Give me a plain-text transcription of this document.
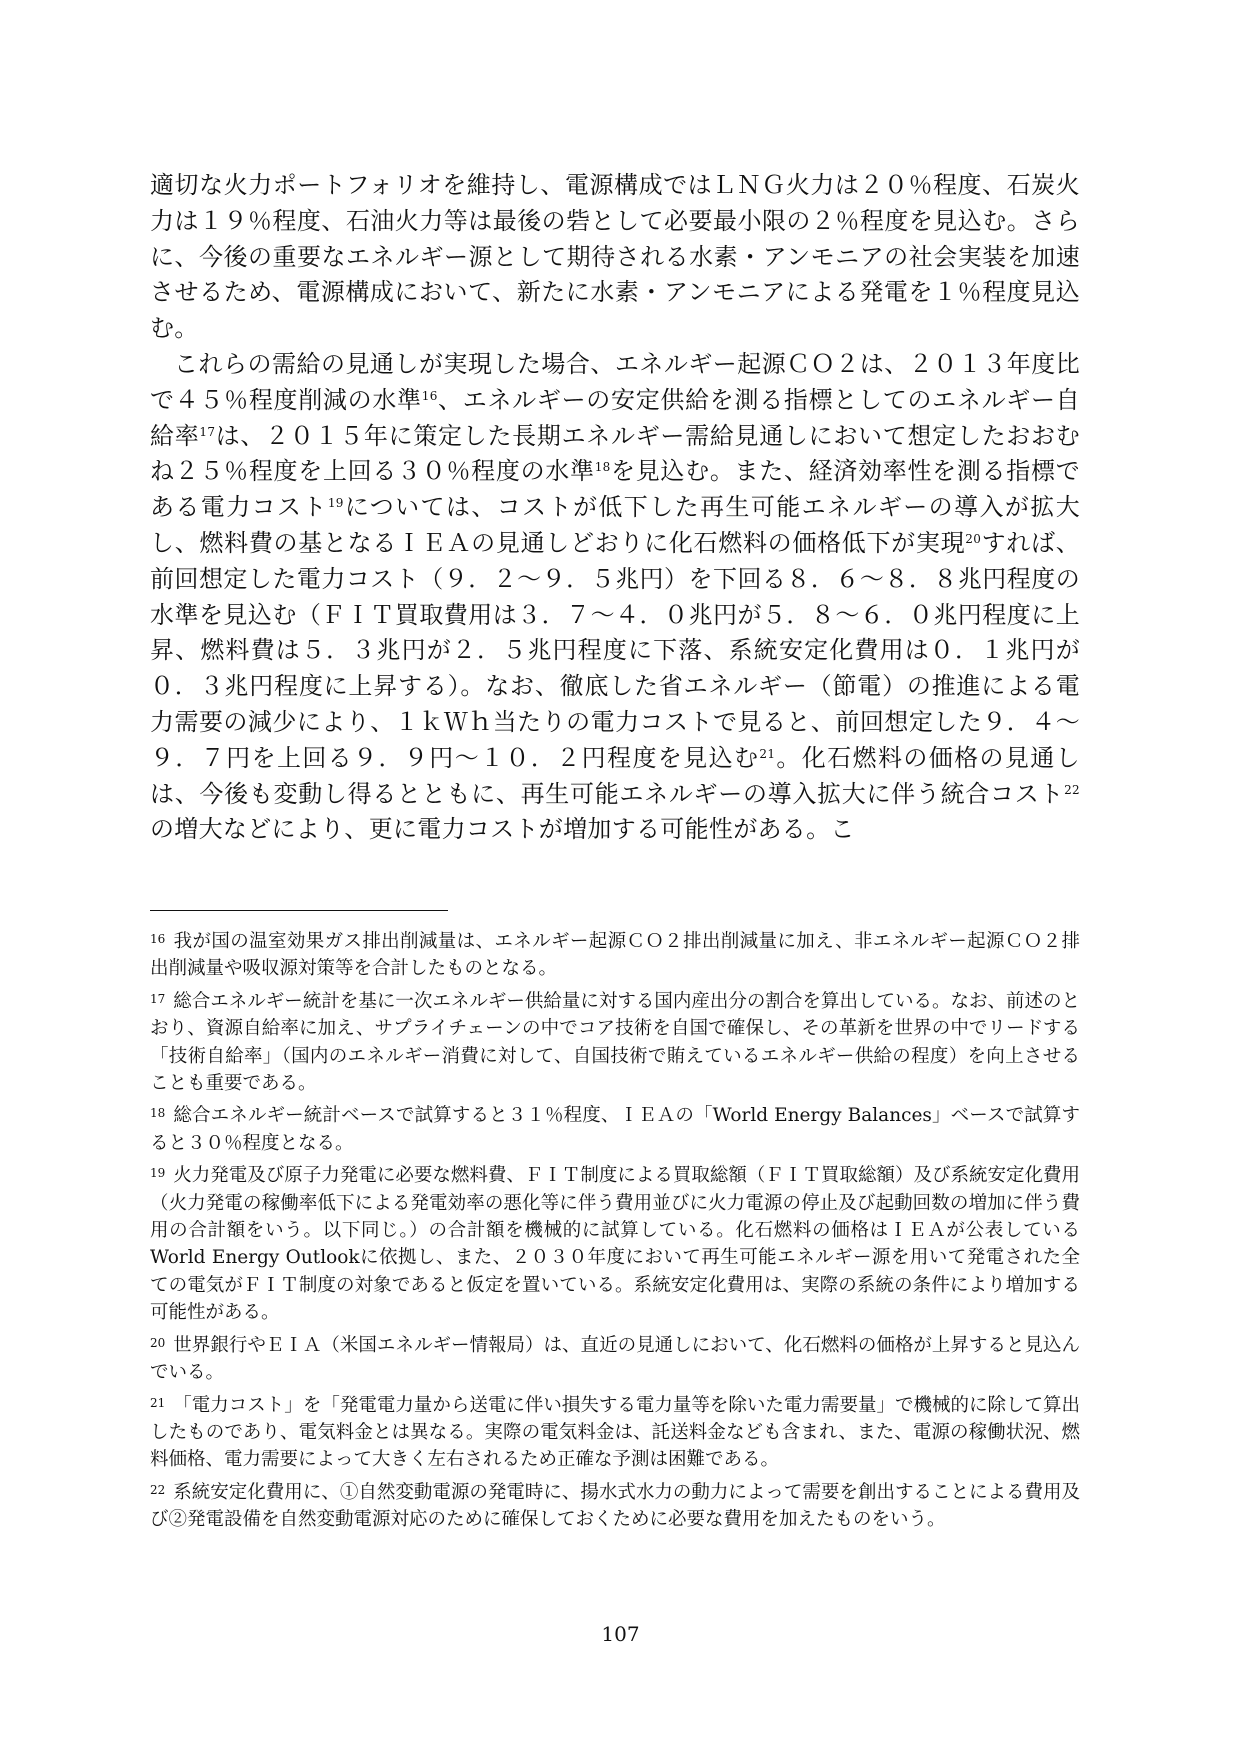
適切な火力ポートフォリオを維持し、電源構成ではＬＮＧ火力は２０％程度、石炭火力は１９％程度、石油火力等は最後の砦として必要最小限の２％程度を見込む。さらに、今後の重要なエネルギー源として期待される水素・アンモニアの社会実装を加速させるため、電源構成において、新たに水素・アンモニアによる発電を１％程度見込む。

これらの需給の見通しが実現した場合、エネルギー起源ＣＯ２は、２０１３年度比で４５％程度削減の水準$^{16}$、エネルギーの安定供給を測る指標としてのエネルギー自給率$^{17}$は、２０１５年に策定した長期エネルギー需給見通しにおいて想定したおおむね２５％程度を上回る３０％程度の水準$^{18}$を見込む。また、経済効率性を測る指標である電力コスト$^{19}$については、コストが低下した再生可能エネルギーの導入が拡大し、燃料費の基となるＩＥＡの見通しどおりに化石燃料の価格低下が実現$^{20}$すれば、前回想定した電力コスト（９．２～９．５兆円）を下回る８．６～８．８兆円程度の水準を見込む（ＦＩＴ買取費用は３．７～４．０兆円が５．８～６．０兆円程度に上昇、燃料費は５．３兆円が２．５兆円程度に下落、系統安定化費用は０．１兆円が０．３兆円程度に上昇する）。なお、徹底した省エネルギー（節電）の推進による電力需要の減少により、１ｋＷｈ当たりの電力コストで見ると、前回想定した９．４～９．７円を上回る９．９円～１０．２円程度を見込む$^{21}$。化石燃料の価格の見通しは、今後も変動し得るとともに、再生可能エネルギーの導入拡大に伴う統合コスト$^{22}$の増大などにより、更に電力コストが増加する可能性がある。こ

$^{16}$ 我が国の温室効果ガス排出削減量は、エネルギー起源ＣＯ２排出削減量に加え、非エネルギー起源ＣＯ２排出削減量や吸収源対策等を合計したものとなる。

$^{17}$ 総合エネルギー統計を基に一次エネルギー供給量に対する国内産出分の割合を算出している。なお、前述のとおり、資源自給率に加え、サプライチェーンの中でコア技術を自国で確保し、その革新を世界の中でリードする「技術自給率」（国内のエネルギー消費に対して、自国技術で賄えているエネルギー供給の程度）を向上させることも重要である。

$^{18}$ 総合エネルギー統計ベースで試算すると３１％程度、ＩＥＡの「World Energy Balances」ベースで試算すると３０％程度となる。

$^{19}$ 火力発電及び原子力発電に必要な燃料費、ＦＩＴ制度による買取総額（ＦＩＴ買取総額）及び系統安定化費用（火力発電の稼働率低下による発電効率の悪化等に伴う費用並びに火力電源の停止及び起動回数の増加に伴う費用の合計額をいう。以下同じ。）の合計額を機械的に試算している。化石燃料の価格はＩＥＡが公表しているWorld Energy Outlookに依拠し、また、２０３０年度において再生可能エネルギー源を用いて発電された全ての電気がＦＩＴ制度の対象であると仮定を置いている。系統安定化費用は、実際の系統の条件により増加する可能性がある。

$^{20}$ 世界銀行やＥＩＡ（米国エネルギー情報局）は、直近の見通しにおいて、化石燃料の価格が上昇すると見込んでいる。

$^{21}$ 「電力コスト」を「発電電力量から送電に伴い損失する電力量等を除いた電力需要量」で機械的に除して算出したものであり、電気料金とは異なる。実際の電気料金は、託送料金なども含まれ、また、電源の稼働状況、燃料価格、電力需要によって大きく左右されるため正確な予測は困難である。

$^{22}$ 系統安定化費用に、①自然変動電源の発電時に、揚水式水力の動力によって需要を創出することによる費用及び②発電設備を自然変動電源対応のために確保しておくために必要な費用を加えたものをいう。

107
